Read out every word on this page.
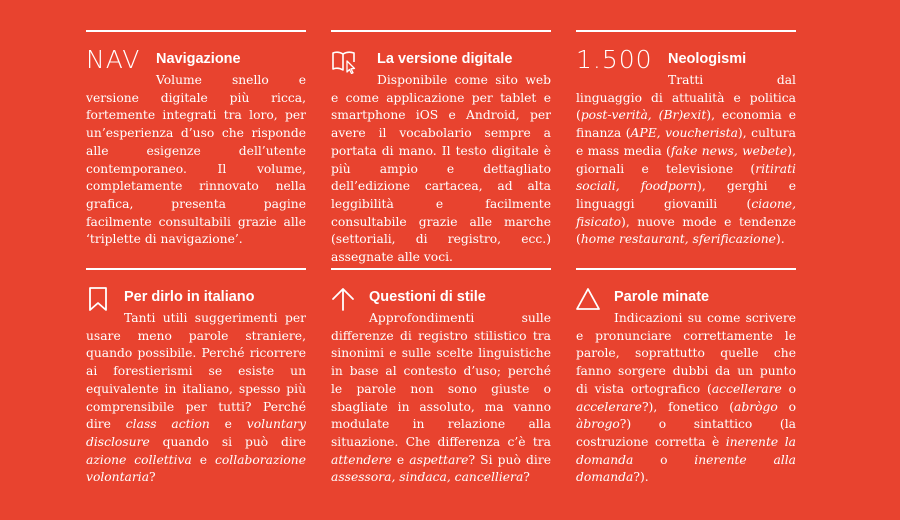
NAV Navigazione
Volume snello e versione digitale più ricca, fortemente integrati tra loro, per un’esperienza d’uso che risponde alle esigenze dell’utente contemporaneo. Il volume, completamente rinnovato nella grafica, presenta pagine facilmente consultabili grazie alle ‘triplette di navigazione’.
La versione digitale
Disponibile come sito web e come applicazione per tablet e smartphone iOS e Android, per avere il vocabolario sempre a portata di mano. Il testo digitale è più ampio e dettagliato dell’edizione cartacea, ad alta leggibilità e facilmente consultabile grazie alle marche (settoriali, di registro, ecc.) assegnate alle voci.
1.500 Neologismi
Tratti dal linguaggio di attualità e politica (post-verità, (Br)exit), economia e finanza (APE, voucherista), cultura e mass media (fake news, webete), giornali e televisione (ritirati sociali, foodporn), gerghi e linguaggi giovanili (ciaone, fisicato), nuove mode e tendenze (home restaurant, sferificazione).
Per dirlo in italiano
Tanti utili suggerimenti per usare meno parole straniere, quando possibile. Perché ricorrere ai forestierismi se esiste un equivalente in italiano, spesso più comprensibile per tutti? Perché dire class action e voluntary disclosure quando si può dire azione collettiva e collaborazione volontaria?
Questioni di stile
Approfondimenti sulle differenze di registro stilistico tra sinonimi e sulle scelte linguistiche in base al contesto d’uso; perché le parole non sono giuste o sbagliate in assoluto, ma vanno modulate in relazione alla situazione. Che differenza c’è tra attendere e aspettare? Si può dire assessora, sindaca, cancelliera?
Parole minate
Indicazioni su come scrivere e pronunciare correttamente le parole, soprattutto quelle che fanno sorgere dubbi da un punto di vista ortografico (accellerare o accelerare?), fonetico (abrògo o àbrogo?) o sintattico (la costruzione corretta è inerente la domanda o inerente alla domanda?).
